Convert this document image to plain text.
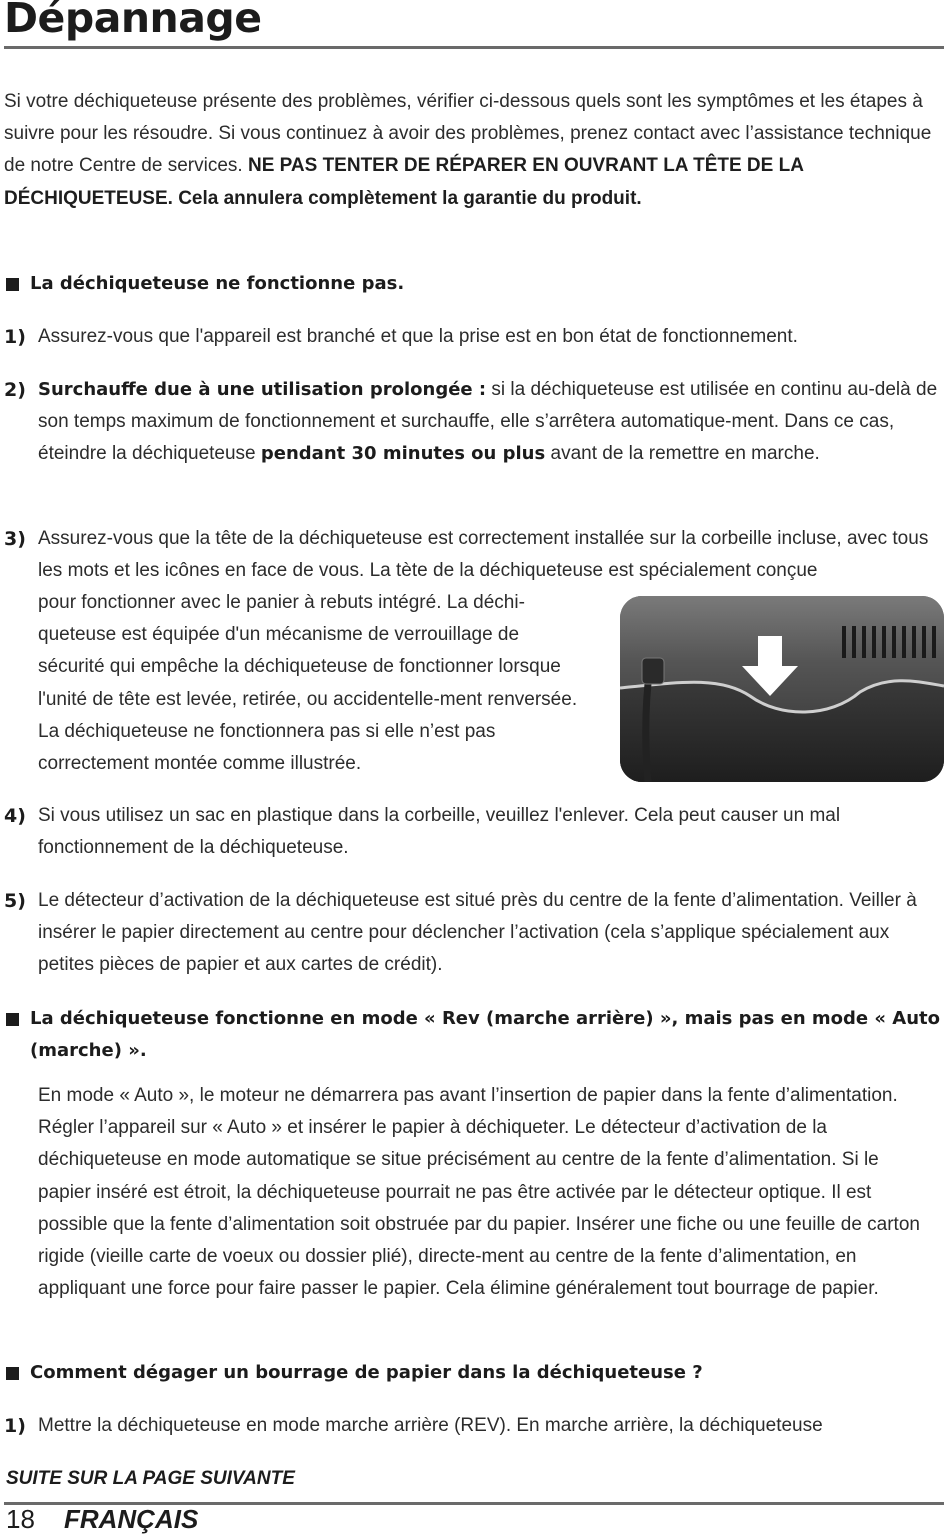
Dépannage

Si votre déchiqueteuse présente des problèmes, vérifier ci-dessous quels sont les symptômes et les étapes à suivre pour les résoudre. Si vous continuez à avoir des problèmes, prenez contact avec l’assistance technique de notre Centre de services. NE PAS TENTER DE RÉPARER EN OUVRANT LA TÊTE DE LA DÉCHIQUETEUSE. Cela annulera complètement la garantie du produit.

La déchiqueteuse ne fonctionne pas.
1) Assurez-vous que l'appareil est branché et que la prise est en bon état de fonctionnement.

2) Surchauffe due à une utilisation prolongée : si la déchiqueteuse est utilisée en continu au-delà de son temps maximum de fonctionnement et surchauffe, elle s’arrêtera automatique-ment. Dans ce cas, éteindre la déchiqueteuse pendant 30 minutes ou plus avant de la remettre en marche.

3) Assurez-vous que la tête de la déchiqueteuse est correctement installée sur la corbeille incluse, avec tous les mots et les icônes en face de vous. La tète de la déchiqueteuse est spécialement conçue

pour fonctionner avec le panier à rebuts intégré. La déchi-queteuse est équipée d'un mécanisme de verrouillage de sécurité qui empêche la déchiqueteuse de fonctionner lorsque l'unité de tête est levée, retirée, ou accidentelle-ment renversée. La déchiqueteuse ne fonctionnera pas si elle n’est pas correctement montée comme illustrée.

4) Si vous utilisez un sac en plastique dans la corbeille, veuillez l'enlever. Cela peut causer un mal fonctionnement de la déchiqueteuse.

5) Le détecteur d’activation de la déchiqueteuse est situé près du centre de la fente d’alimentation. Veiller à insérer le papier directement au centre pour déclencher l’activation (cela s’applique spécialement aux petites pièces de papier et aux cartes de crédit).

La déchiqueteuse fonctionne en mode « Rev (marche arrière) », mais pas en mode « Auto (marche) ».

En mode « Auto », le moteur ne démarrera pas avant l’insertion de papier dans la fente d’alimentation. Régler l’appareil sur « Auto » et insérer le papier à déchiqueter. Le détecteur d’activation de la déchiqueteuse en mode automatique se situe précisément au centre de la fente d’alimentation. Si le papier inséré est étroit, la déchiqueteuse pourrait ne pas être activée par le détecteur optique. Il est possible que la fente d’alimentation soit obstruée par du papier. Insérer une fiche ou une feuille de carton rigide (vieille carte de voeux ou dossier plié), directe-ment au centre de la fente d’alimentation, en appliquant une force pour faire passer le papier. Cela élimine généralement tout bourrage de papier.

Comment dégager un bourrage de papier dans la déchiqueteuse ?
1) Mettre la déchiqueteuse en mode marche arrière (REV). En marche arrière, la déchiqueteuse

SUITE SUR LA PAGE SUIVANTE

18 FRANÇAIS
